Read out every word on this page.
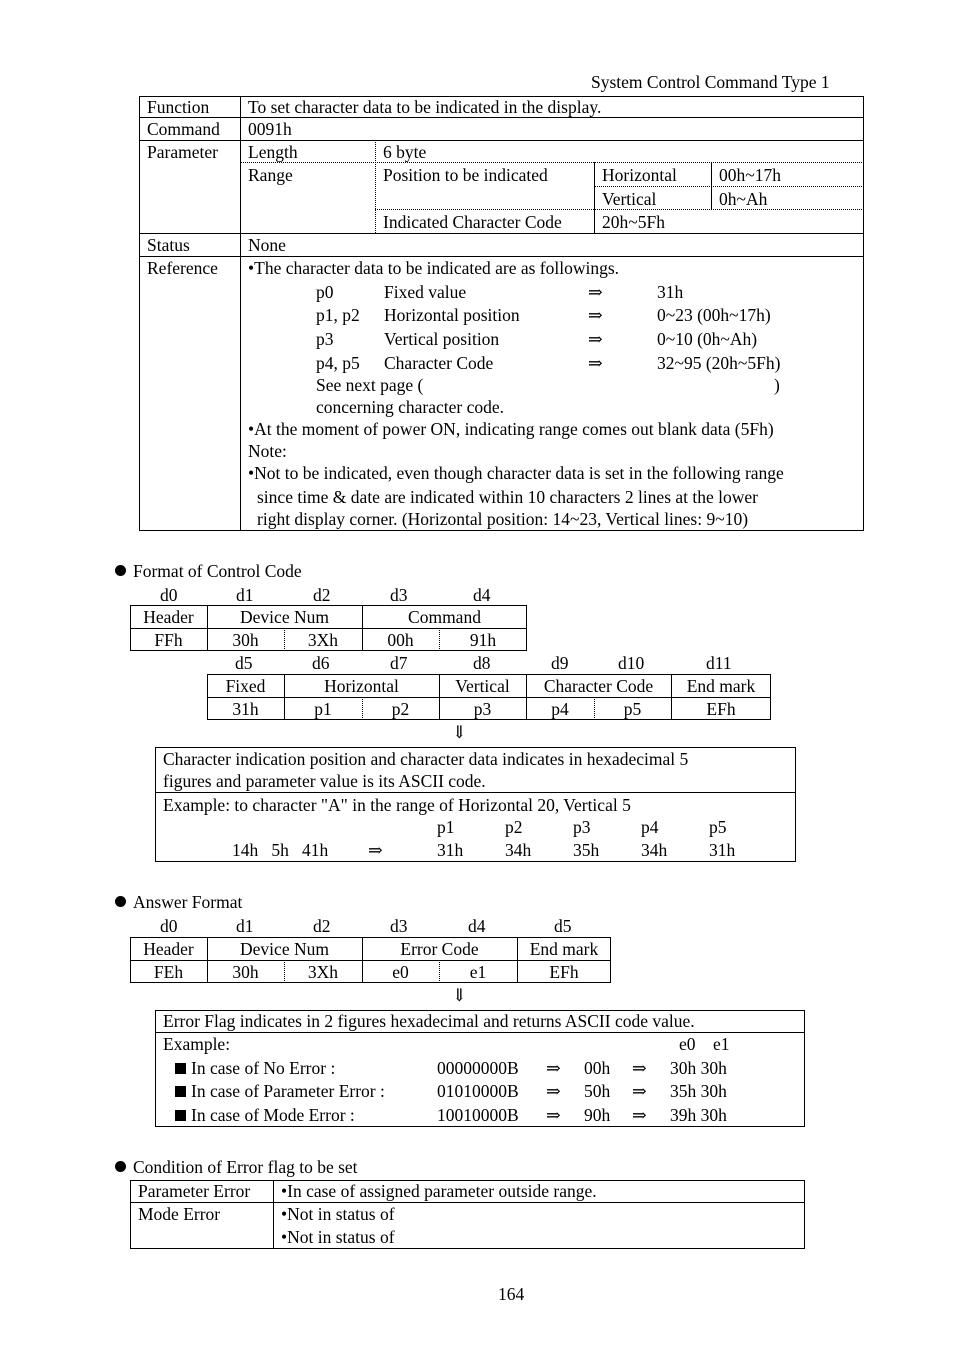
System Control Command Type 1
Function To set character data to be indicated in the display.
Command 0091h
Parameter Length	6 byte
Range	Position to be indicated	Horizontal 00h~17h
Vertical	0h~Ah
Indicated Character Code 20h~5Fh
Status	None
Reference •The character data to be indicated are as followings.
p0	Fixed value	⇒	31h
p1, p2 Horizontal position	⇒	0~23 (00h~17h)
p3	Vertical position	⇒	0~10 (0h~Ah)
p4, p5 Character Code	⇒	32~95 (20h~5Fh)
See next page (	)
concerning character code.
•At the moment of power ON, indicating range comes out blank data (5Fh)
Note:
•Not to be indicated, even though character data is set in the following range
since time & date are indicated within 10 characters 2 lines at the lower
right display corner. (Horizontal position: 14~23, Vertical lines: 9~10)
Format of Control Code
d0	d1	d2	d3	d4
Header	Device Num	Command
FFh	30h	3Xh	00h	91h
d5	d6	d7	d8	d9	d10	d11
Fixed	Horizontal	Vertical	Character Code	End mark
31h	p1	p2	p3	p4	p5	EFh
⇓
Character indication position and character data indicates in hexadecimal 5
figures and parameter value is its ASCII code.
Example: to character "A" in the range of Horizontal 20, Vertical 5
p1	p2	p3	p4	p5
14h   5h   41h ⇒	31h 34h 35h 34h 31h
Answer Format
d0	d1	d2	d3	d4	d5
Header	Device Num	Error Code	End mark
FEh	30h	3Xh	e0	e1	EFh
⇓
Error Flag indicates in 2 figures hexadecimal and returns ASCII code value.
Example:	e0    e1
In case of No Error :	00000000B ⇒ 00h ⇒ 30h 30h
In case of Parameter Error :	01010000B ⇒ 50h ⇒ 35h 30h
In case of Mode Error :	10010000B ⇒ 90h ⇒ 39h 30h
Condition of Error flag to be set
Parameter Error •In case of assigned parameter outside range.
Mode Error	•Not in status of
•Not in status of
164
